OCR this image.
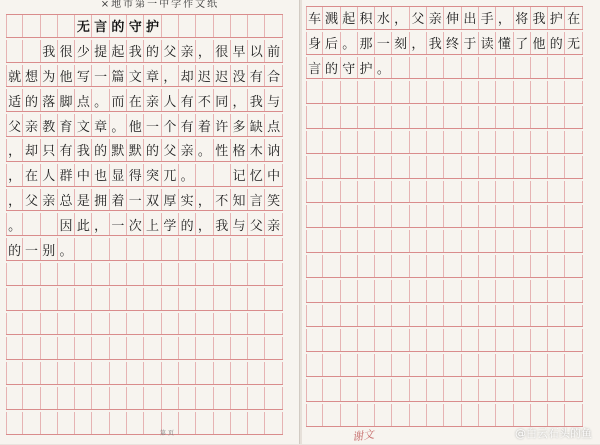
×地市第一中学作文纸
无 言 的 守 护
我 很 少 提 起 我 的 父 亲 ， 很 早 以 前
就 想 为 他 写 一 篇 文 章 ， 却 迟 迟 没 有 合
适 的 落 脚 点 。 而 在 亲 人 有 不 同 ， 我 与
父 亲 教 育 文 章 。 他 一 个 有 着 许 多 缺 点
， 却 只 有 我 的 默 默 的 父 亲 。 性 格 木 讷
， 在 人 群 中 也 显 得 突 兀 。	记 忆 中
， 父 亲 总 是 拥 着 一 双 厚 实 ， 不 知 言 笑
。	因 此 ， 一 次 上 学 的 ， 我 与 父 亲
的 一 别 。
第 页
车 溅 起 积 水 ， 父 亲 伸 出 手 ， 将 我 护 在
身 后 。 那 一 刻 ， 我 终 于 读 懂 了 他 的 无
言 的 守 护 。
谢文	@白云石头的鱼
